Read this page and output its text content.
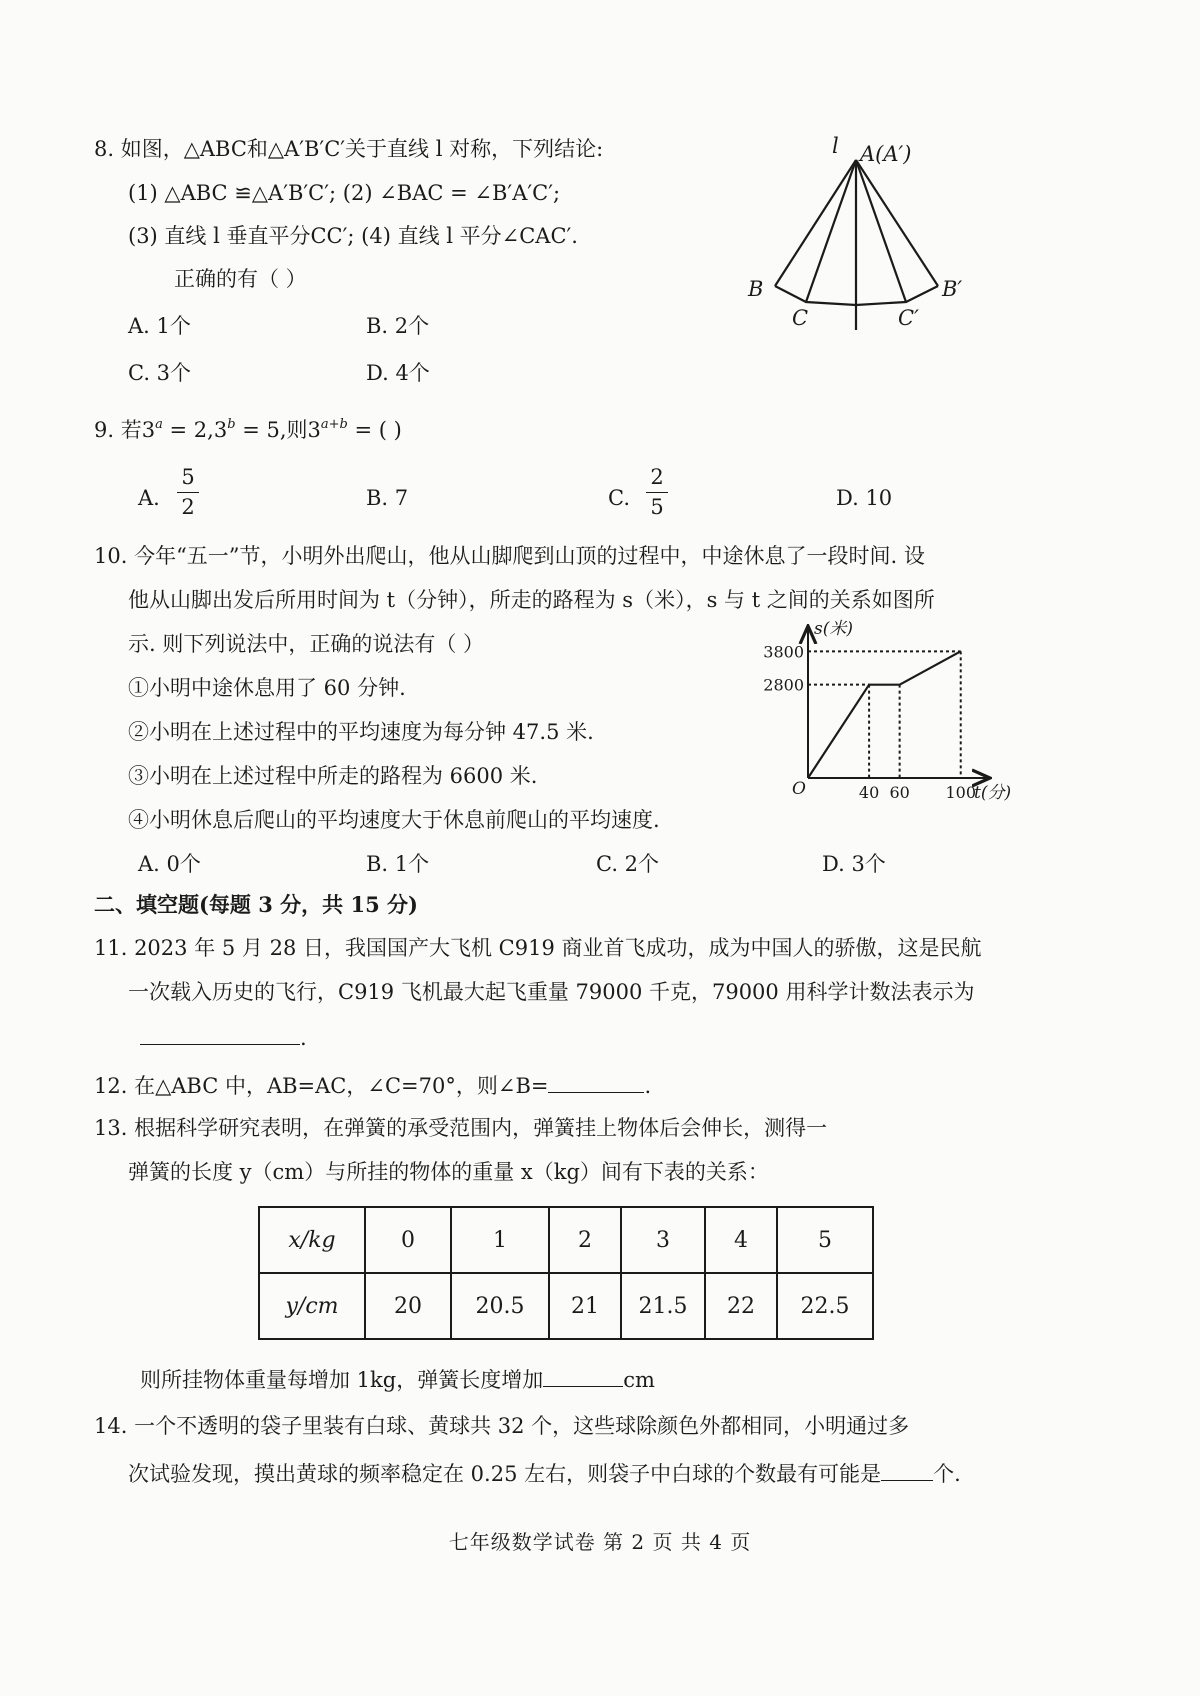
8. 如图，△ABC和△A′B′C′关于直线 l 对称，下列结论:
(1) △ABC ≌△A′B′C′; (2) ∠BAC = ∠B′A′C′;
(3) 直线 l 垂直平分CC′; (4) 直线 l 平分∠CAC′.
正确的有（ ）
A. 1个	B. 2个
C. 3个	D. 4个
l A(A′)
B
C	C′
B′
9. 若$3^a = 2,3^b = 5$,则$3^{a+b}$ = ( )
A.
5
2	B. 7	C.
2
5	D. 10
10. 今年“五一”节，小明外出爬山，他从山脚爬到山顶的过程中，中途休息了一段时间. 设
他从山脚出发后所用时间为 t（分钟），所走的路程为 s（米），s 与 t 之间的关系如图所
示. 则下列说法中，正确的说法有（ ）
①小明中途休息用了 60 分钟.
②小明在上述过程中的平均速度为每分钟 47.5 米.
③小明在上述过程中所走的路程为 6600 米.
④小明休息后爬山的平均速度大于休息前爬山的平均速度.
A. 0个	B. 1个	C. 2个	D. 3个
s(米)
t(分)
O	40 60 100
3800
2800
二、填空题(每题 3 分，共 15 分)
11. 2023 年 5 月 28 日，我国国产大飞机 C919 商业首飞成功，成为中国人的骄傲，这是民航
一次载入历史的飞行，C919 飞机最大起飞重量 79000 千克，79000 用科学计数法表示为
.
12. 在△ABC 中，AB=AC，∠C=70°，则∠B=	.
13. 根据科学研究表明，在弹簧的承受范围内，弹簧挂上物体后会伸长，测得一
弹簧的长度 y（cm）与所挂的物体的重量 x（kg）间有下表的关系：
x/kg	0	1	2	3	4	5
y/cm	20	20.5	21	21.5	22	22.5
则所挂物体重量每增加 1kg，弹簧长度增加	cm
14. 一个不透明的袋子里装有白球、黄球共 32 个，这些球除颜色外都相同，小明通过多
次试验发现，摸出黄球的频率稳定在 0.25 左右，则袋子中白球的个数最有可能是 个.
七年级数学试卷 第 2 页 共 4 页
